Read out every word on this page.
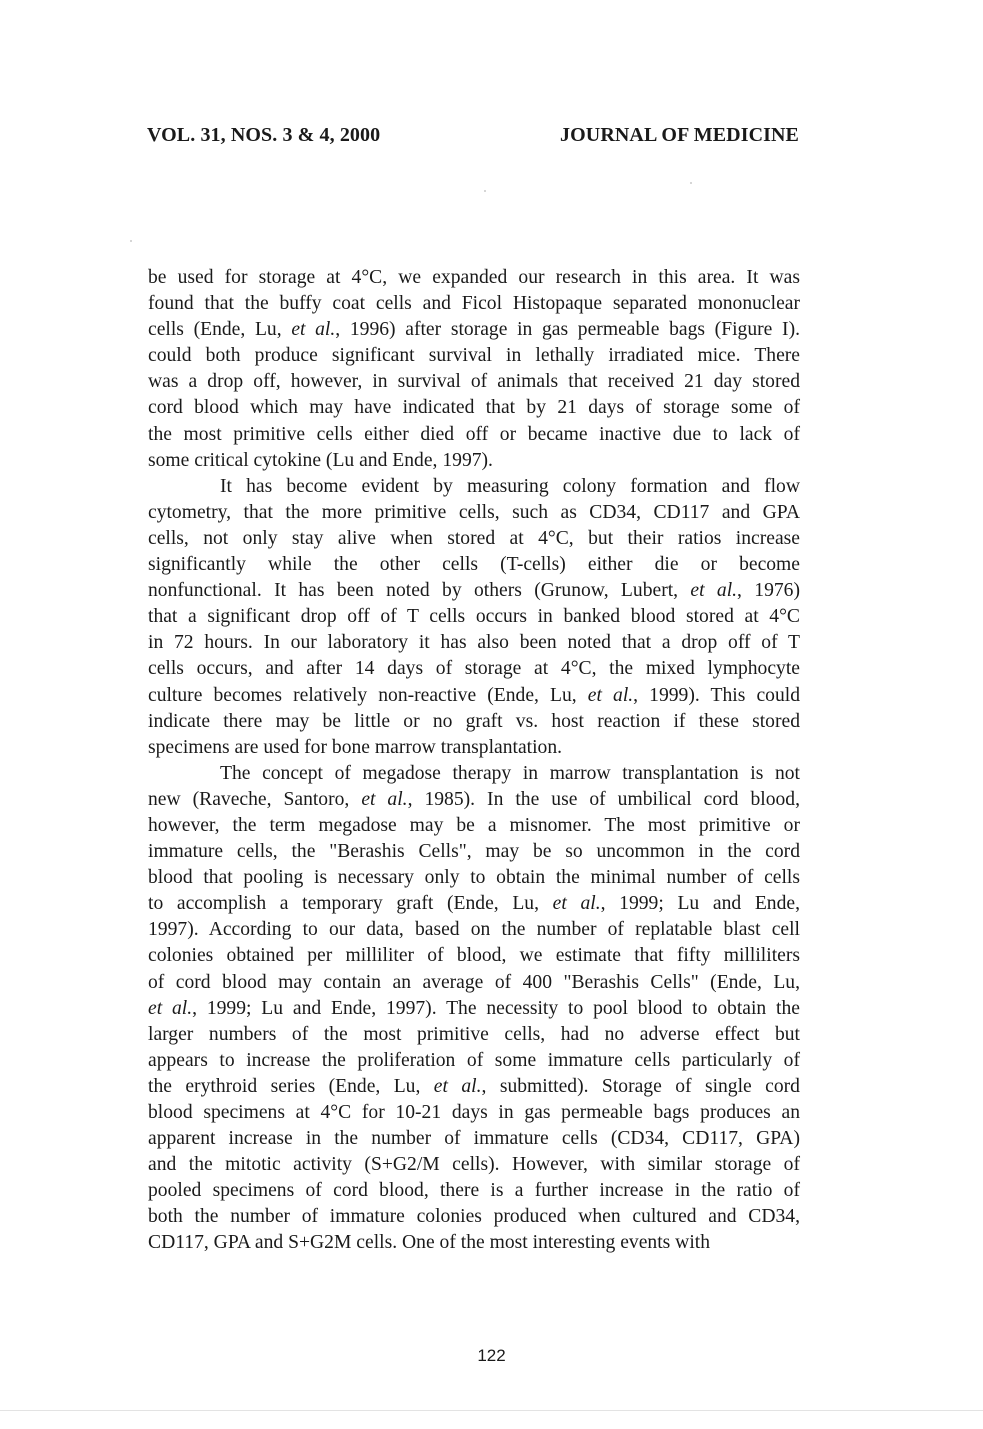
VOL. 31, NOS. 3 & 4, 2000	JOURNAL OF MEDICINE

be used for storage at 4°C, we expanded our research in this area. It was
found that the buffy coat cells and Ficol Histopaque separated mononuclear
cells (Ende, Lu, et al., 1996) after storage in gas permeable bags (Figure I).
could both produce significant survival in lethally irradiated mice. There
was a drop off, however, in survival of animals that received 21 day stored
cord blood which may have indicated that by 21 days of storage some of
the most primitive cells either died off or became inactive due to lack of
some critical cytokine (Lu and Ende, 1997).

It has become evident by measuring colony formation and flow
cytometry, that the more primitive cells, such as CD34, CD117 and GPA
cells, not only stay alive when stored at 4°C, but their ratios increase
significantly while the other cells (T-cells) either die or become
nonfunctional. It has been noted by others (Grunow, Lubert, et al., 1976)
that a significant drop off of T cells occurs in banked blood stored at 4°C
in 72 hours. In our laboratory it has also been noted that a drop off of T
cells occurs, and after 14 days of storage at 4°C, the mixed lymphocyte
culture becomes relatively non-reactive (Ende, Lu, et al., 1999). This could
indicate there may be little or no graft vs. host reaction if these stored
specimens are used for bone marrow transplantation.

The concept of megadose therapy in marrow transplantation is not
new (Raveche, Santoro, et al., 1985). In the use of umbilical cord blood,
however, the term megadose may be a misnomer. The most primitive or
immature cells, the "Berashis Cells", may be so uncommon in the cord
blood that pooling is necessary only to obtain the minimal number of cells
to accomplish a temporary graft (Ende, Lu, et al., 1999; Lu and Ende,
1997). According to our data, based on the number of replatable blast cell
colonies obtained per milliliter of blood, we estimate that fifty milliliters
of cord blood may contain an average of 400 "Berashis Cells" (Ende, Lu,
et al., 1999; Lu and Ende, 1997). The necessity to pool blood to obtain the
larger numbers of the most primitive cells, had no adverse effect but
appears to increase the proliferation of some immature cells particularly of
the erythroid series (Ende, Lu, et al., submitted). Storage of single cord
blood specimens at 4°C for 10-21 days in gas permeable bags produces an
apparent increase in the number of immature cells (CD34, CD117, GPA)
and the mitotic activity (S+G2/M cells). However, with similar storage of
pooled specimens of cord blood, there is a further increase in the ratio of
both the number of immature colonies produced when cultured and CD34,
CD117, GPA and S+G2M cells. One of the most interesting events with

122
